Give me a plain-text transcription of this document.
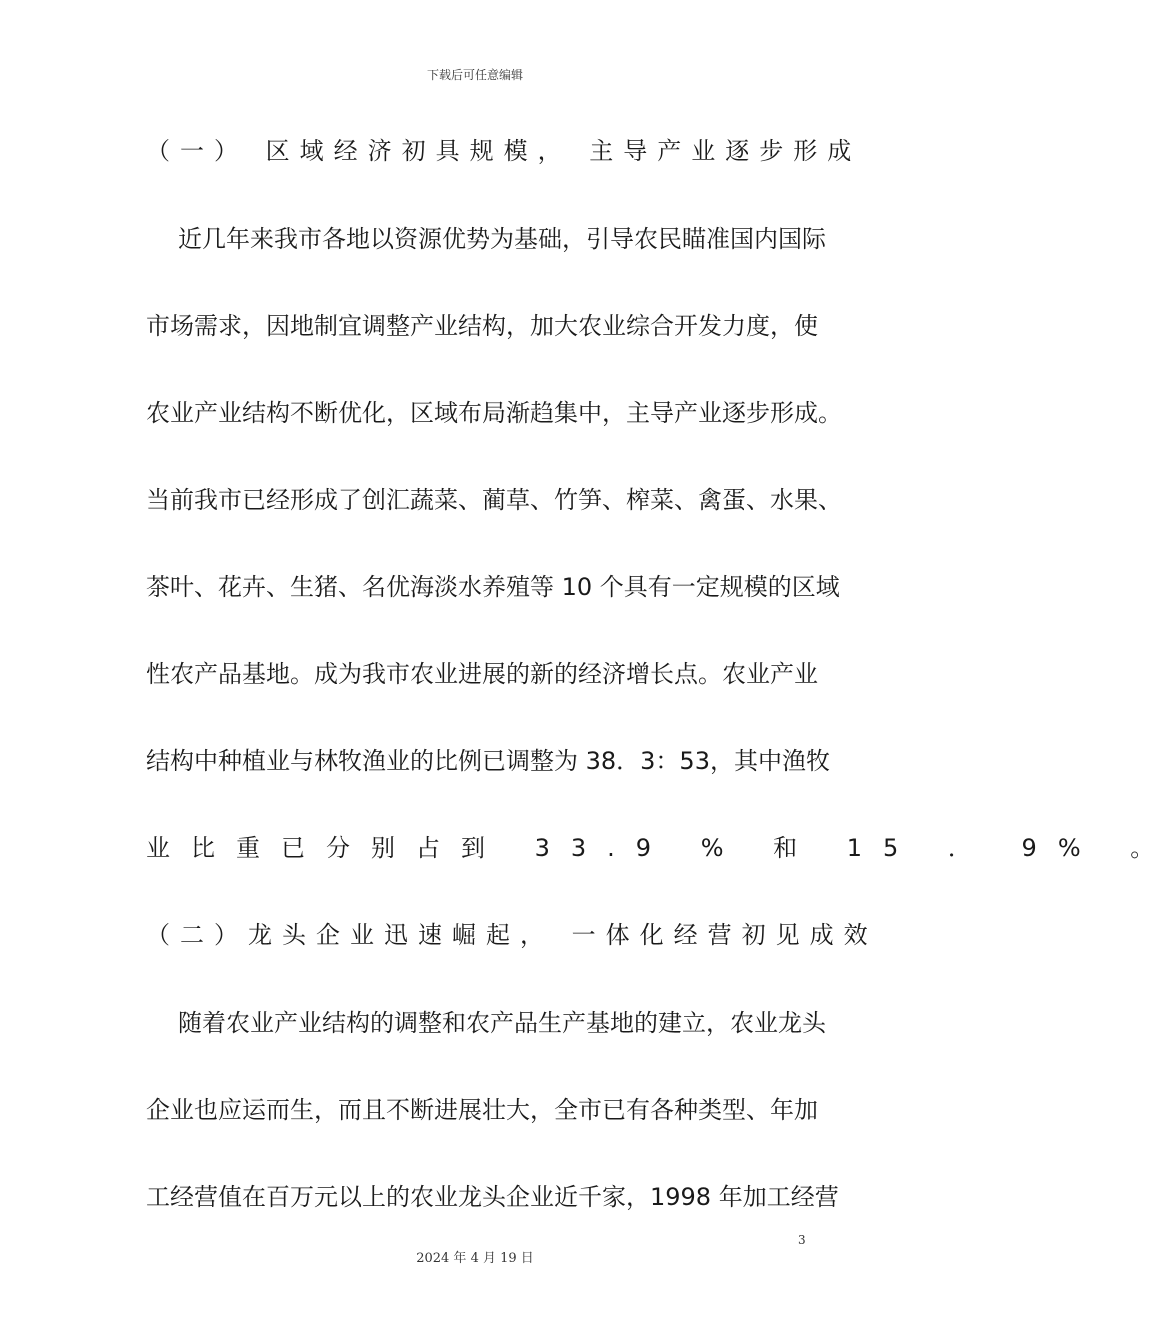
下载后可任意编辑
（一） 区域经济初具规模， 主导产业逐步形成
近几年来我市各地以资源优势为基础，引导农民瞄准国内国际
市场需求，因地制宜调整产业结构，加大农业综合开发力度，使
农业产业结构不断优化，区域布局渐趋集中，主导产业逐步形成。
当前我市已经形成了创汇蔬菜、蔺草、竹笋、榨菜、禽蛋、水果、
茶叶、花卉、生猪、名优海淡水养殖等 10 个具有一定规模的区域
性农产品基地。成为我市农业进展的新的经济增长点。农业产业
结构中种植业与林牧渔业的比例已调整为 38．3：53，其中渔牧
业比重已分别占到 33.9 % 和 15 ． 9% 。
（二）龙头企业迅速崛起， 一体化经营初见成效
随着农业产业结构的调整和农产品生产基地的建立，农业龙头
企业也应运而生，而且不断进展壮大，全市已有各种类型、年加
工经营值在百万元以上的农业龙头企业近千家，1998 年加工经营
3
2024 年 4 月 19 日
